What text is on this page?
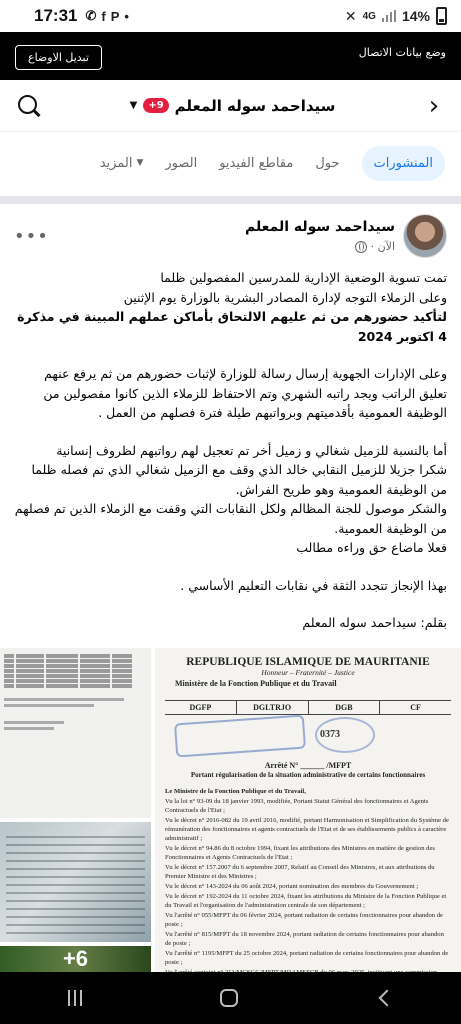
17:31 ✆ f P •	✕ 4G 14%
تبديل الاوضاع	وضع بيانات الاتصال
سيداحمد سوله المعلم
+9
▼	›
المنشورات
حول
مقاطع الفيديو
الصور
المزيد ▼
سيداحمد سوله المعلم
الآن ·
•••

تمت تسوية الوضعية الإدارية للمدرسين المفصولين ظلما

وعلى الزملاء التوجه لإدارة المصادر البشرية بالوزارة يوم الإثنين

لتأكيد حضورهم من ثم عليهم الالتحاق بأماكن عملهم المبينة في مذكرة 4 اكتوبر 2024

وعلى الإدارات الجهوية إرسال رسالة للوزارة لإثبات حضورهم من ثم يرفع عنهم تعليق الراتب ويجد راتبه الشهري وتم الاحتفاظ للزملاء الذين كانوا مفصولين من الوظيفة العمومية بأقدميتهم وبرواتبهم طيلة فترة فصلهم من العمل .

أما بالنسبة للزميل شغالي و زميل أخر تم تعجيل لهم رواتبهم لظروف إنسانية

شكرا جزيلا للزميل النقابي خالد الذي وقف مع الزميل شغالي الذي تم فصله ظلما من الوظيفة العمومية وهو طريح الفراش.

والشكر موصول للجنة المظالم ولكل النقابات التي وقفت مع الزملاء الذين تم فصلهم من الوظيفة العمومية.

فعلا ماضاع حق وراءه مطالب

بهذا الإنجاز تتجدد الثقة في نقابات التعليم الأساسي .

بقلم: سيداحمد سوله المعلم

+6
REPUBLIQUE ISLAMIQUE DE MAURITANIE
Honneur – Fraternité – Justice
Ministère de la Fonction Publique et du Travail
DGFP	DGLTRJO	DGB	CF
0373
Arrêté N° ______ /MFPT
Portant régularisation de la situation administrative de certains fonctionnaires
Le Ministre de la Fonction Publique et du Travail,
Vu la loi n° 93-09 du 18 janvier 1993, modifiée, Portant Statut Général des fonctionnaires et Agents Contractuels de l'Etat ;
Vu le décret n° 2016-082 du 19 avril 2016, modifié, portant Harmonisation et Simplification du Système de rémunération des fonctionnaires et agents contractuels de l'Etat et de ses établissements publics à caractère administratif ;
Vu le décret n° 94.86 du 8 octobre 1994, fixant les attributions des Ministres en matière de gestion des Fonctionnaires et Agents Contractuels de l'Etat ;
Vu le décret n° 157.2007 du 6 septembre 2007, Relatif au Conseil des Ministres, et aux attributions du Premier Ministre et des Ministres ;
Vu le décret n° 143-2024 du 06 août 2024, portant nomination des membres du Gouvernement ;
Vu le décret n° 192-2024 du 11 octobre 2024, fixant les attributions du Ministre de la Fonction Publique et du Travail et l'organisation de l'administration centrale de son département ;
Vu l'arrêté n° 055/MFPT du 06 février 2024, portant radiation de certains fonctionnaires pour abandon de poste ;
Vu l'arrêté n° 815/MFPT du 18 novembre 2024, portant radiation de certains fonctionnaires pour abandon de poste ;
Vu l'arrêté n° 1195/MFPT du 25 octobre 2024, portant radiation de certains fonctionnaires pour abandon de poste ;
